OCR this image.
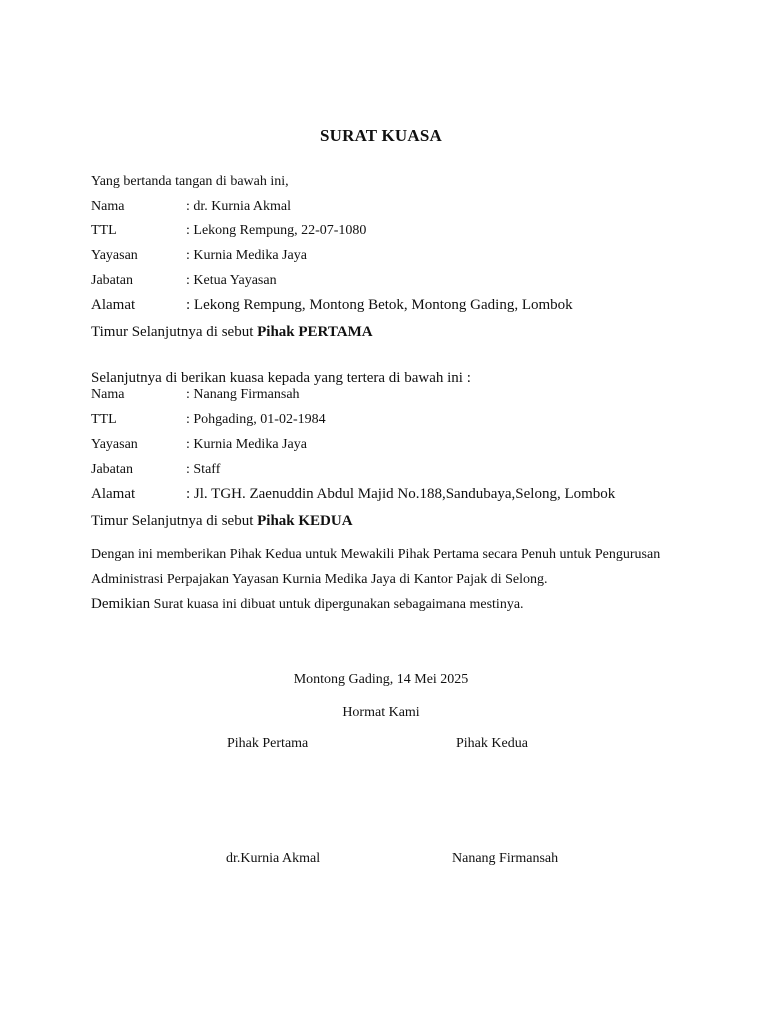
SURAT KUASA
Yang bertanda tangan di bawah ini,
Nama	: dr. Kurnia Akmal
TTL	: Lekong Rempung, 22-07-1080
Yayasan	: Kurnia Medika Jaya
Jabatan	: Ketua Yayasan
Alamat	: Lekong Rempung, Montong Betok, Montong Gading, Lombok
Timur Selanjutnya di sebut Pihak PERTAMA
Selanjutnya di berikan kuasa kepada yang tertera di bawah ini :
Nama	: Nanang Firmansah
TTL	: Pohgading, 01-02-1984
Yayasan	: Kurnia Medika Jaya
Jabatan	: Staff
Alamat	: Jl. TGH. Zaenuddin Abdul Majid No.188,Sandubaya,Selong, Lombok
Timur Selanjutnya di sebut Pihak KEDUA
Dengan ini memberikan Pihak Kedua untuk Mewakili Pihak Pertama secara Penuh untuk Pengurusan
Administrasi Perpajakan Yayasan Kurnia Medika Jaya di Kantor Pajak di Selong.
Demikian Surat kuasa ini dibuat untuk dipergunakan sebagaimana mestinya.
Montong Gading, 14 Mei 2025
Hormat Kami
Pihak Pertama	Pihak Kedua
dr.Kurnia Akmal	Nanang Firmansah
